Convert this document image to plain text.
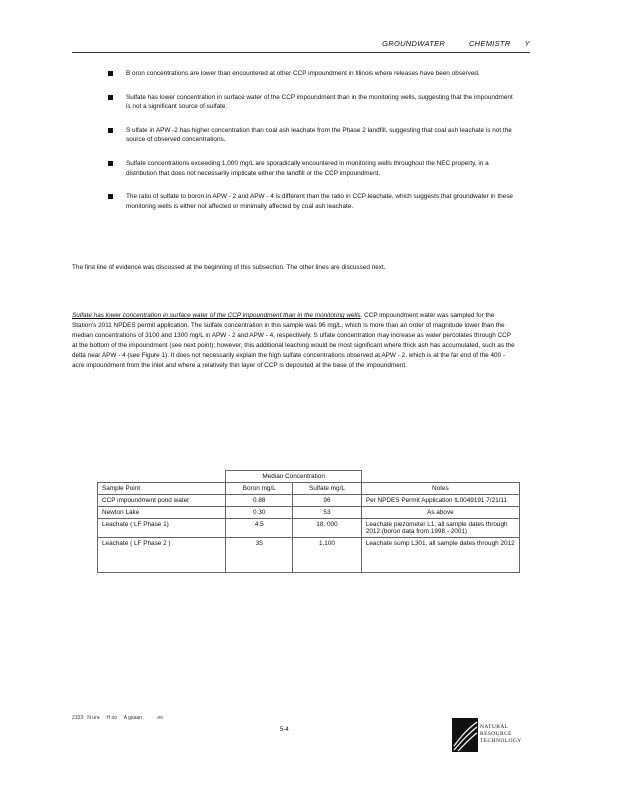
GROUNDWATER          CHEMISTR      Y
B oron concentrations are lower than encountered at other CCP impoundment in Illinois where releases have been observed.
Sulfate has lower concentration in surface water of the CCP impoundment than in the monitoring wells, suggesting that the impoundment is not a significant source of sulfate.
S ulfate in APW -2 has higher concentration than coal ash leachate from the Phase 2 landfill, suggesting that coal ash leachate is not the source of observed concentrations.
Sulfate concentrations exceeding 1,000 mg/L are sporadically encountered in monitoring wells throughout the NEC property, in a distribution that does not necessarily implicate either the landfill or the CCP impoundment.
The ratio of sulfate to boron in APW - 2 and APW - 4 is different than the ratio in CCP leachate, which suggests that groundwater in these monitoring wells is either not affected or minimally affected by coal ash leachate.
The first line of evidence was discussed at the beginning of this subsection. The other lines are discussed next.
Sulfate has lower concentration in surface water of the CCP impoundment than in the monitoring wells. CCP impoundment water was sampled for the Station's 2011 NPDES permit application. The sulfate concentration in this sample was 96 mg/L, which is more than an order of magnitude lower than the median concentrations of 3100 and 1300 mg/L in APW - 2 and APW - 4, respectively. S ulfate concentration may increase as water percolates through CCP at the bottom of the impoundment (see next point); however, this additional leaching would be most significant where thick ash has accumulated, such as the delta near APW - 4 (see Figure 1). It does not necessarily explain the high sulfate concentrations observed at APW - 2, which is at the far end of the 400 - acre impoundment from the inlet and where a relatively thin layer of CCP is deposited at the base of the impoundment.
	Median Concentration		
Sample Point	Boron mg/L	Sulfate mg/L	Notes
CCP impoundment pond water	0.88	96	Per NPDES Permit Application IL0049191 7/21/11
Newton Lake	0.30	53	As above
Leachate ( LF Phase 1)	4.5	18, 000	Leachate piezometer L1, all sample dates through 2012 (boron data from 1998 - 2001)
Leachate ( LF Phase 2 )	35	1,100	Leachate sump L301, all sample dates through 2012
2103   N ura     H oo     A gaaan          .oo
5-4	NATURAL
RESOURCE
TECHNOLOGY
